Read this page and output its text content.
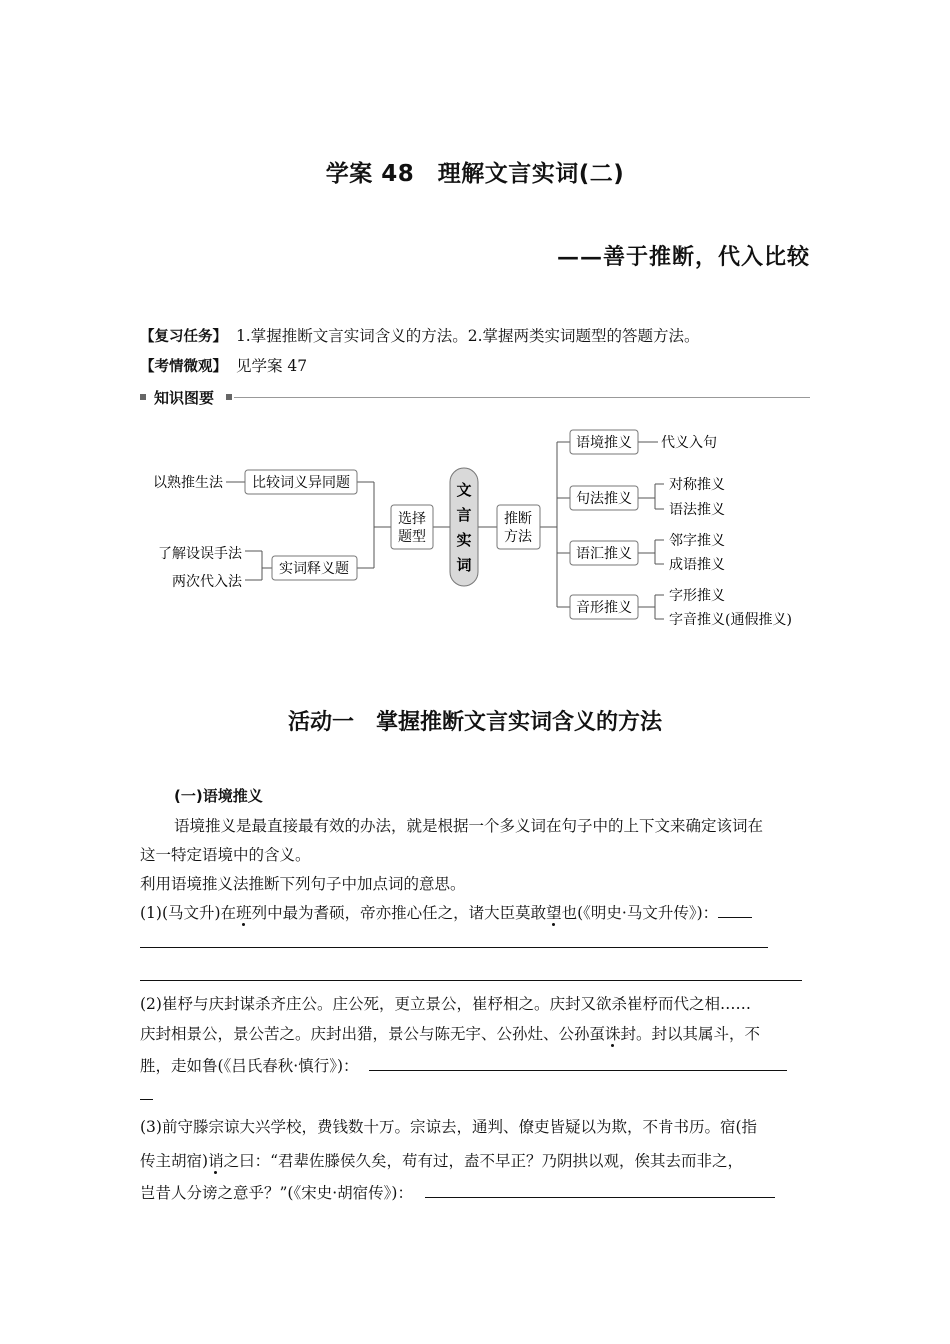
学案 48　理解文言实词(二)
——善于推断，代入比较
【复习任务】 1.掌握推断文言实词含义的方法。2.掌握两类实词题型的答题方法。
【考情微观】 见学案 47
知识图要
以熟推生法
了解设误手法
两次代入法
比较词义异同题
实词释义题
选择
题型
文
言
实
词
推断
方法
语境推义
句法推义
语汇推义
音形推义
代义入句
对称推义
语法推义
邻字推义
成语推义
字形推义
字音推义(通假推义)
活动一　掌握推断文言实词含义的方法
(一)语境推义
语境推义是最直接最有效的办法，就是根据一个多义词在句子中的上下文来确定该词在
这一特定语境中的含义。
利用语境推义法推断下列句子中加点词的意思。
(1)(马文升)在班列中最为耆硕，帝亦推心任之，诸大臣莫敢望也(《明史·马文升传》)：
(2)崔杼与庆封谋杀齐庄公。庄公死，更立景公，崔杼相之。庆封又欲杀崔杼而代之相……
庆封相景公，景公苦之。庆封出猎，景公与陈无宇、公孙灶、公孙虿诛封。封以其属斗，不
胜，走如鲁(《吕氏春秋·慎行》)：
(3)前守滕宗谅大兴学校，费钱数十万。宗谅去，通判、僚吏皆疑以为欺，不肯书历。宿(指
传主胡宿)诮之曰：“君辈佐滕侯久矣，苟有过，盍不早正？乃阴拱以观，俟其去而非之，
岂昔人分谤之意乎？”(《宋史·胡宿传》)：
